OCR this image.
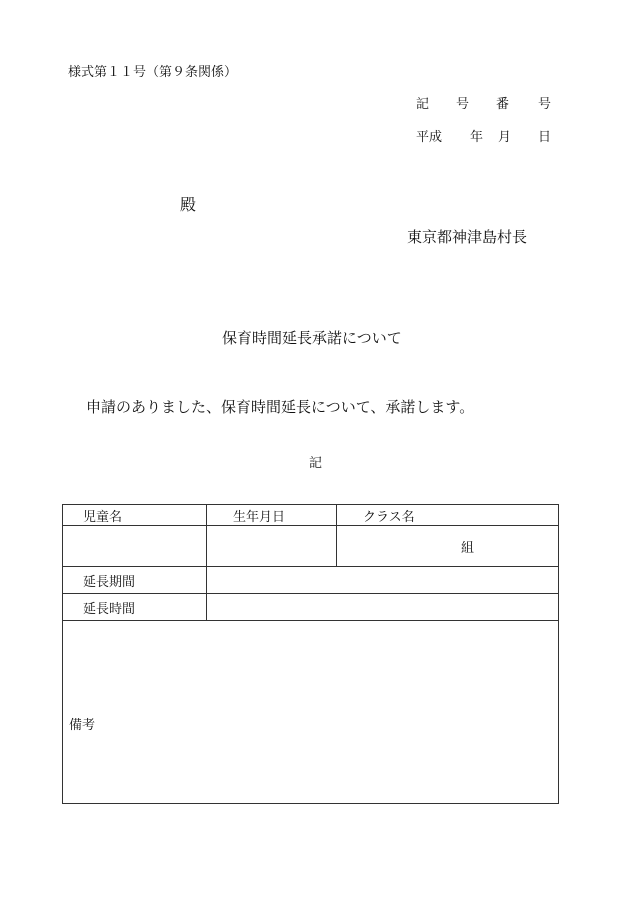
様式第１１号（第９条関係）
記 号 番 号
平成 年 月 日
殿
東京都神津島村長
保育時間延長承諾について
申請のありました、保育時間延長について、承諾します。
記
児童名	生年月日	クラス名
		組
延長期間		
延長時間		

備考		
